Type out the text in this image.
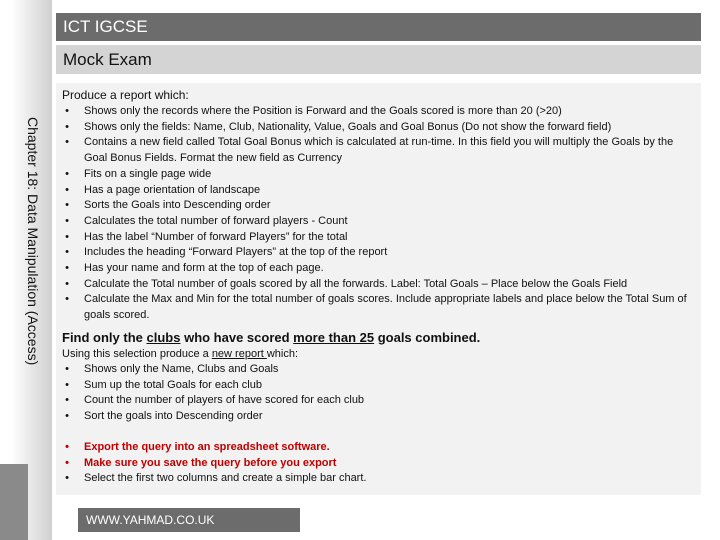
ICT IGCSE
Mock Exam
Chapter 18: Data Manipulation (Access)
Produce a report which:
• Shows only the records where the Position is Forward and the Goals scored is more than 20 (>20)
• Shows only the fields: Name, Club, Nationality, Value, Goals and Goal Bonus (Do not show the forward field)
• Contains a new field called Total Goal Bonus which is calculated at run-time. In this field you will multiply the Goals by the Goal Bonus Fields. Format the new field as Currency
• Fits on a single page wide
• Has a page orientation of landscape
• Sorts the Goals into Descending order
• Calculates the total number of forward players - Count
• Has the label “Number of forward Players” for the total
• Includes the heading “Forward Players” at the top of the report
• Has your name and form at the top of each page.
• Calculate the Total number of goals scored by all the forwards. Label: Total Goals – Place below the Goals Field
• Calculate the Max and Min for the total number of goals scores. Include appropriate labels and place below the Total Sum of goals scored.
Find only the clubs who have scored more than 25 goals combined.
Using this selection produce a new report which:
• Shows only the Name, Clubs and Goals
• Sum up the total Goals for each club
• Count the number of players of have scored for each club
• Sort the goals into Descending order
• Export the query into an spreadsheet software.
• Make sure you save the query before you export
• Select the first two columns and create a simple bar chart.
WWW.YAHMAD.CO.UK
